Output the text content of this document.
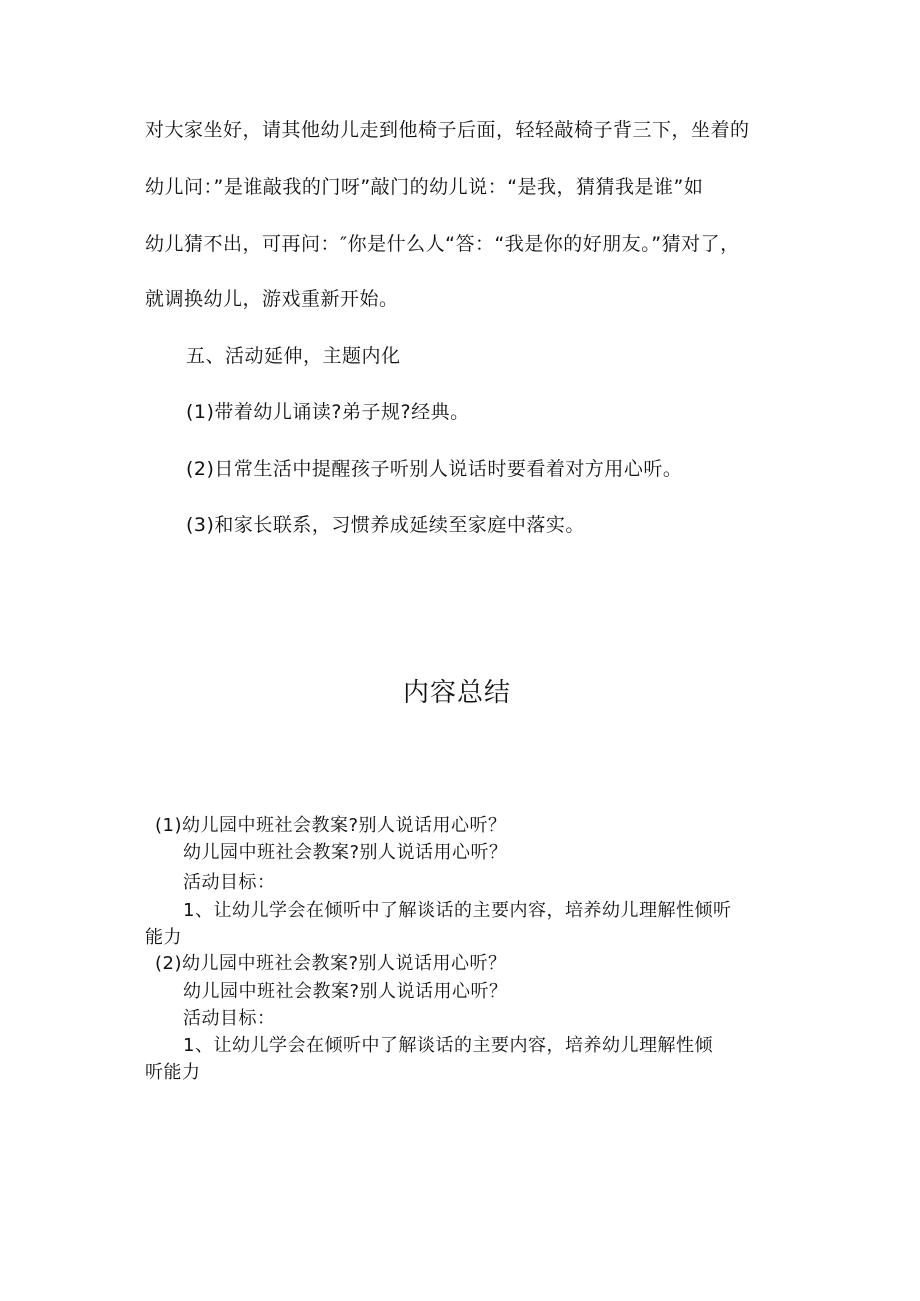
对大家坐好，请其他幼儿走到他椅子后面，轻轻敲椅子背三下，坐着的
幼儿问：”是谁敲我的门呀”敲门的幼儿说：“是我，猜猜我是谁”如
幼儿猜不出，可再问：″你是什么人“答：“我是你的好朋友。”猜对了，
就调换幼儿，游戏重新开始。
五、活动延伸，主题内化
(1)带着幼儿诵读?弟子规?经典。
(2)日常生活中提醒孩子听别人说话时要看着对方用心听。
(3)和家长联系，习惯养成延续至家庭中落实。
内容总结
(1)幼儿园中班社会教案?别人说话用心听？
幼儿园中班社会教案?别人说话用心听？
活动目标：
1、让幼儿学会在倾听中了解谈话的主要内容，培养幼儿理解性倾听
能力
(2)幼儿园中班社会教案?别人说话用心听？
幼儿园中班社会教案?别人说话用心听？
活动目标：
1、让幼儿学会在倾听中了解谈话的主要内容，培养幼儿理解性倾
听能力
